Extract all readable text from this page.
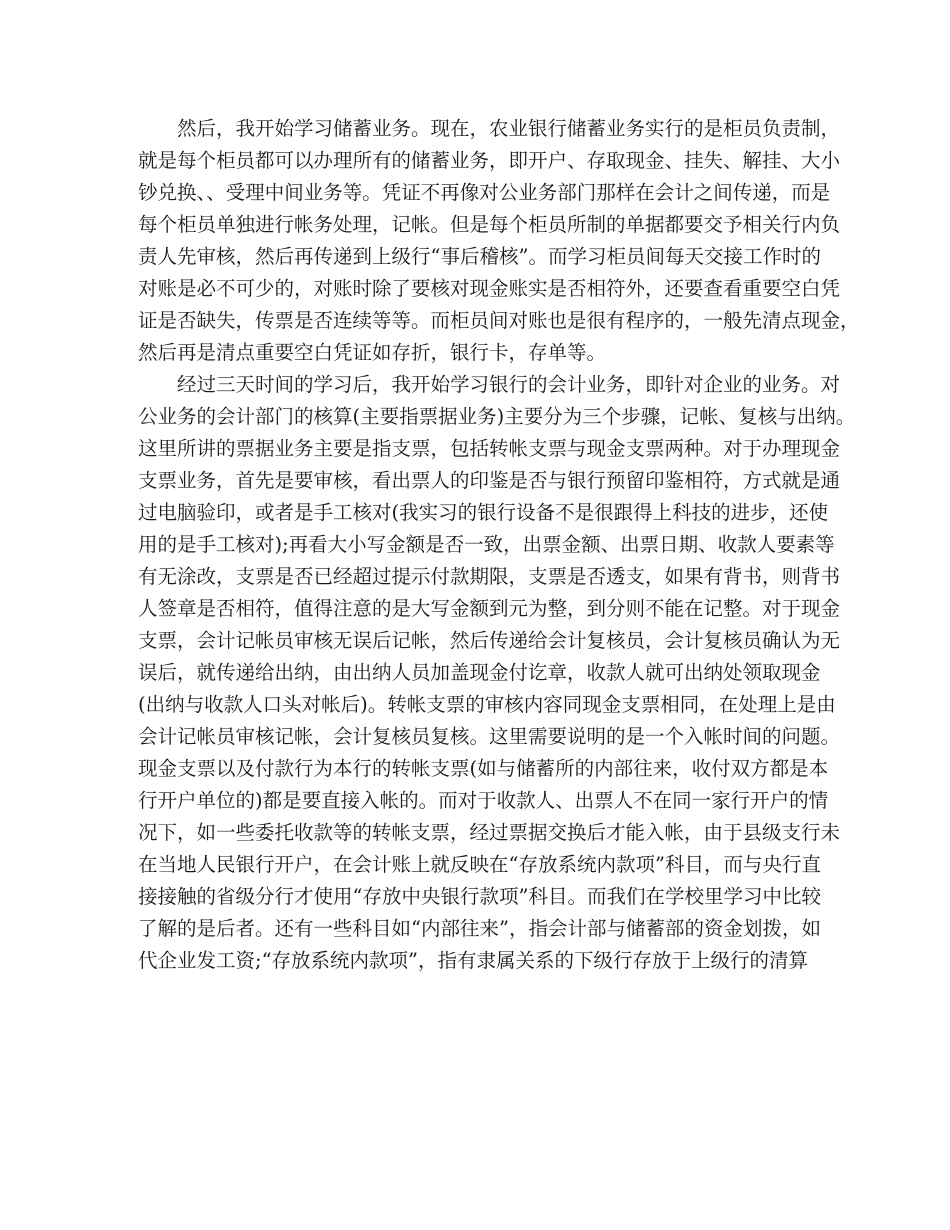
然后，我开始学习储蓄业务。现在，农业银行储蓄业务实行的是柜员负责制，
就是每个柜员都可以办理所有的储蓄业务，即开户、存取现金、挂失、解挂、大小
钞兑换、、受理中间业务等。凭证不再像对公业务部门那样在会计之间传递，而是
每个柜员单独进行帐务处理，记帐。但是每个柜员所制的单据都要交予相关行内负
责人先审核，然后再传递到上级行“事后稽核”。而学习柜员间每天交接工作时的
对账是必不可少的，对账时除了要核对现金账实是否相符外，还要查看重要空白凭
证是否缺失，传票是否连续等等。而柜员间对账也是很有程序的，一般先清点现金，
然后再是清点重要空白凭证如存折，银行卡，存单等。
经过三天时间的学习后，我开始学习银行的会计业务，即针对企业的业务。对
公业务的会计部门的核算(主要指票据业务)主要分为三个步骤，记帐、复核与出纳。
这里所讲的票据业务主要是指支票，包括转帐支票与现金支票两种。对于办理现金
支票业务，首先是要审核，看出票人的印鉴是否与银行预留印鉴相符，方式就是通
过电脑验印，或者是手工核对(我实习的银行设备不是很跟得上科技的进步，还使
用的是手工核对);再看大小写金额是否一致，出票金额、出票日期、收款人要素等
有无涂改，支票是否已经超过提示付款期限，支票是否透支，如果有背书，则背书
人签章是否相符，值得注意的是大写金额到元为整，到分则不能在记整。对于现金
支票，会计记帐员审核无误后记帐，然后传递给会计复核员，会计复核员确认为无
误后，就传递给出纳，由出纳人员加盖现金付讫章，收款人就可出纳处领取现金
(出纳与收款人口头对帐后)。转帐支票的审核内容同现金支票相同，在处理上是由
会计记帐员审核记帐，会计复核员复核。这里需要说明的是一个入帐时间的问题。
现金支票以及付款行为本行的转帐支票(如与储蓄所的内部往来，收付双方都是本
行开户单位的)都是要直接入帐的。而对于收款人、出票人不在同一家行开户的情
况下，如一些委托收款等的转帐支票，经过票据交换后才能入帐，由于县级支行未
在当地人民银行开户，在会计账上就反映在“存放系统内款项”科目，而与央行直
接接触的省级分行才使用“存放中央银行款项”科目。而我们在学校里学习中比较
了解的是后者。还有一些科目如“内部往来”，指会计部与储蓄部的资金划拨，如
代企业发工资;“存放系统内款项”，指有隶属关系的下级行存放于上级行的清算
